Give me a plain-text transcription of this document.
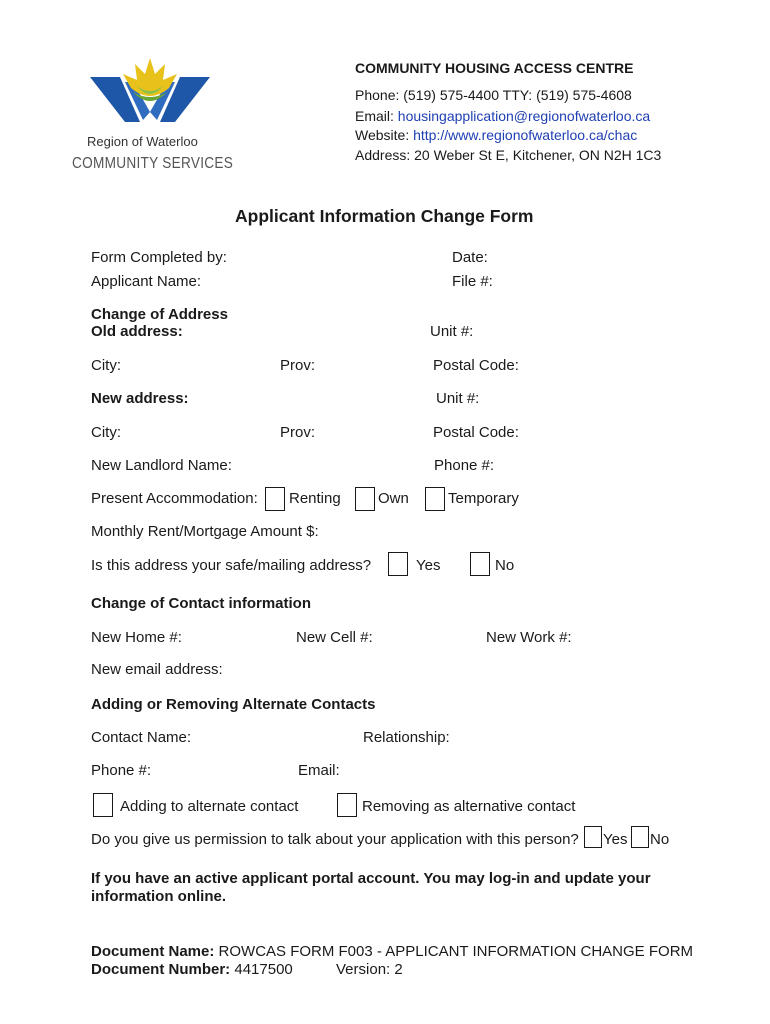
Region of Waterloo
COMMUNITY SERVICES
COMMUNITY HOUSING ACCESS CENTRE
Phone: (519) 575-4400 TTY: (519) 575-4608
Email: housingapplication@regionofwaterloo.ca
Website: http://www.regionofwaterloo.ca/chac
Address: 20 Weber St E, Kitchener, ON N2H 1C3
Applicant Information Change Form
Form Completed by:	Date:
Applicant Name:	File #:
Change of Address
Old address:	Unit #:
City:	Prov:	Postal Code:
New address:	Unit #:
City:	Prov:	Postal Code:
New Landlord Name:	Phone #:
Present Accommodation: Renting Own	Temporary
Monthly Rent/Mortgage Amount $:
Is this address your safe/mailing address?	Yes	No
Change of Contact information
New Home #:	New Cell #:	New Work #:
New email address:
Adding or Removing Alternate Contacts
Contact Name:	Relationship:
Phone #:	Email:
Adding to alternate contact	Removing as alternative contact
Do you give us permission to talk about your application with this person? Yes No
If you have an active applicant portal account. You may log-in and update your information online.
Document Name: ROWCAS FORM F003 - APPLICANT INFORMATION CHANGE FORM
Document Number: 4417500	Version: 2
